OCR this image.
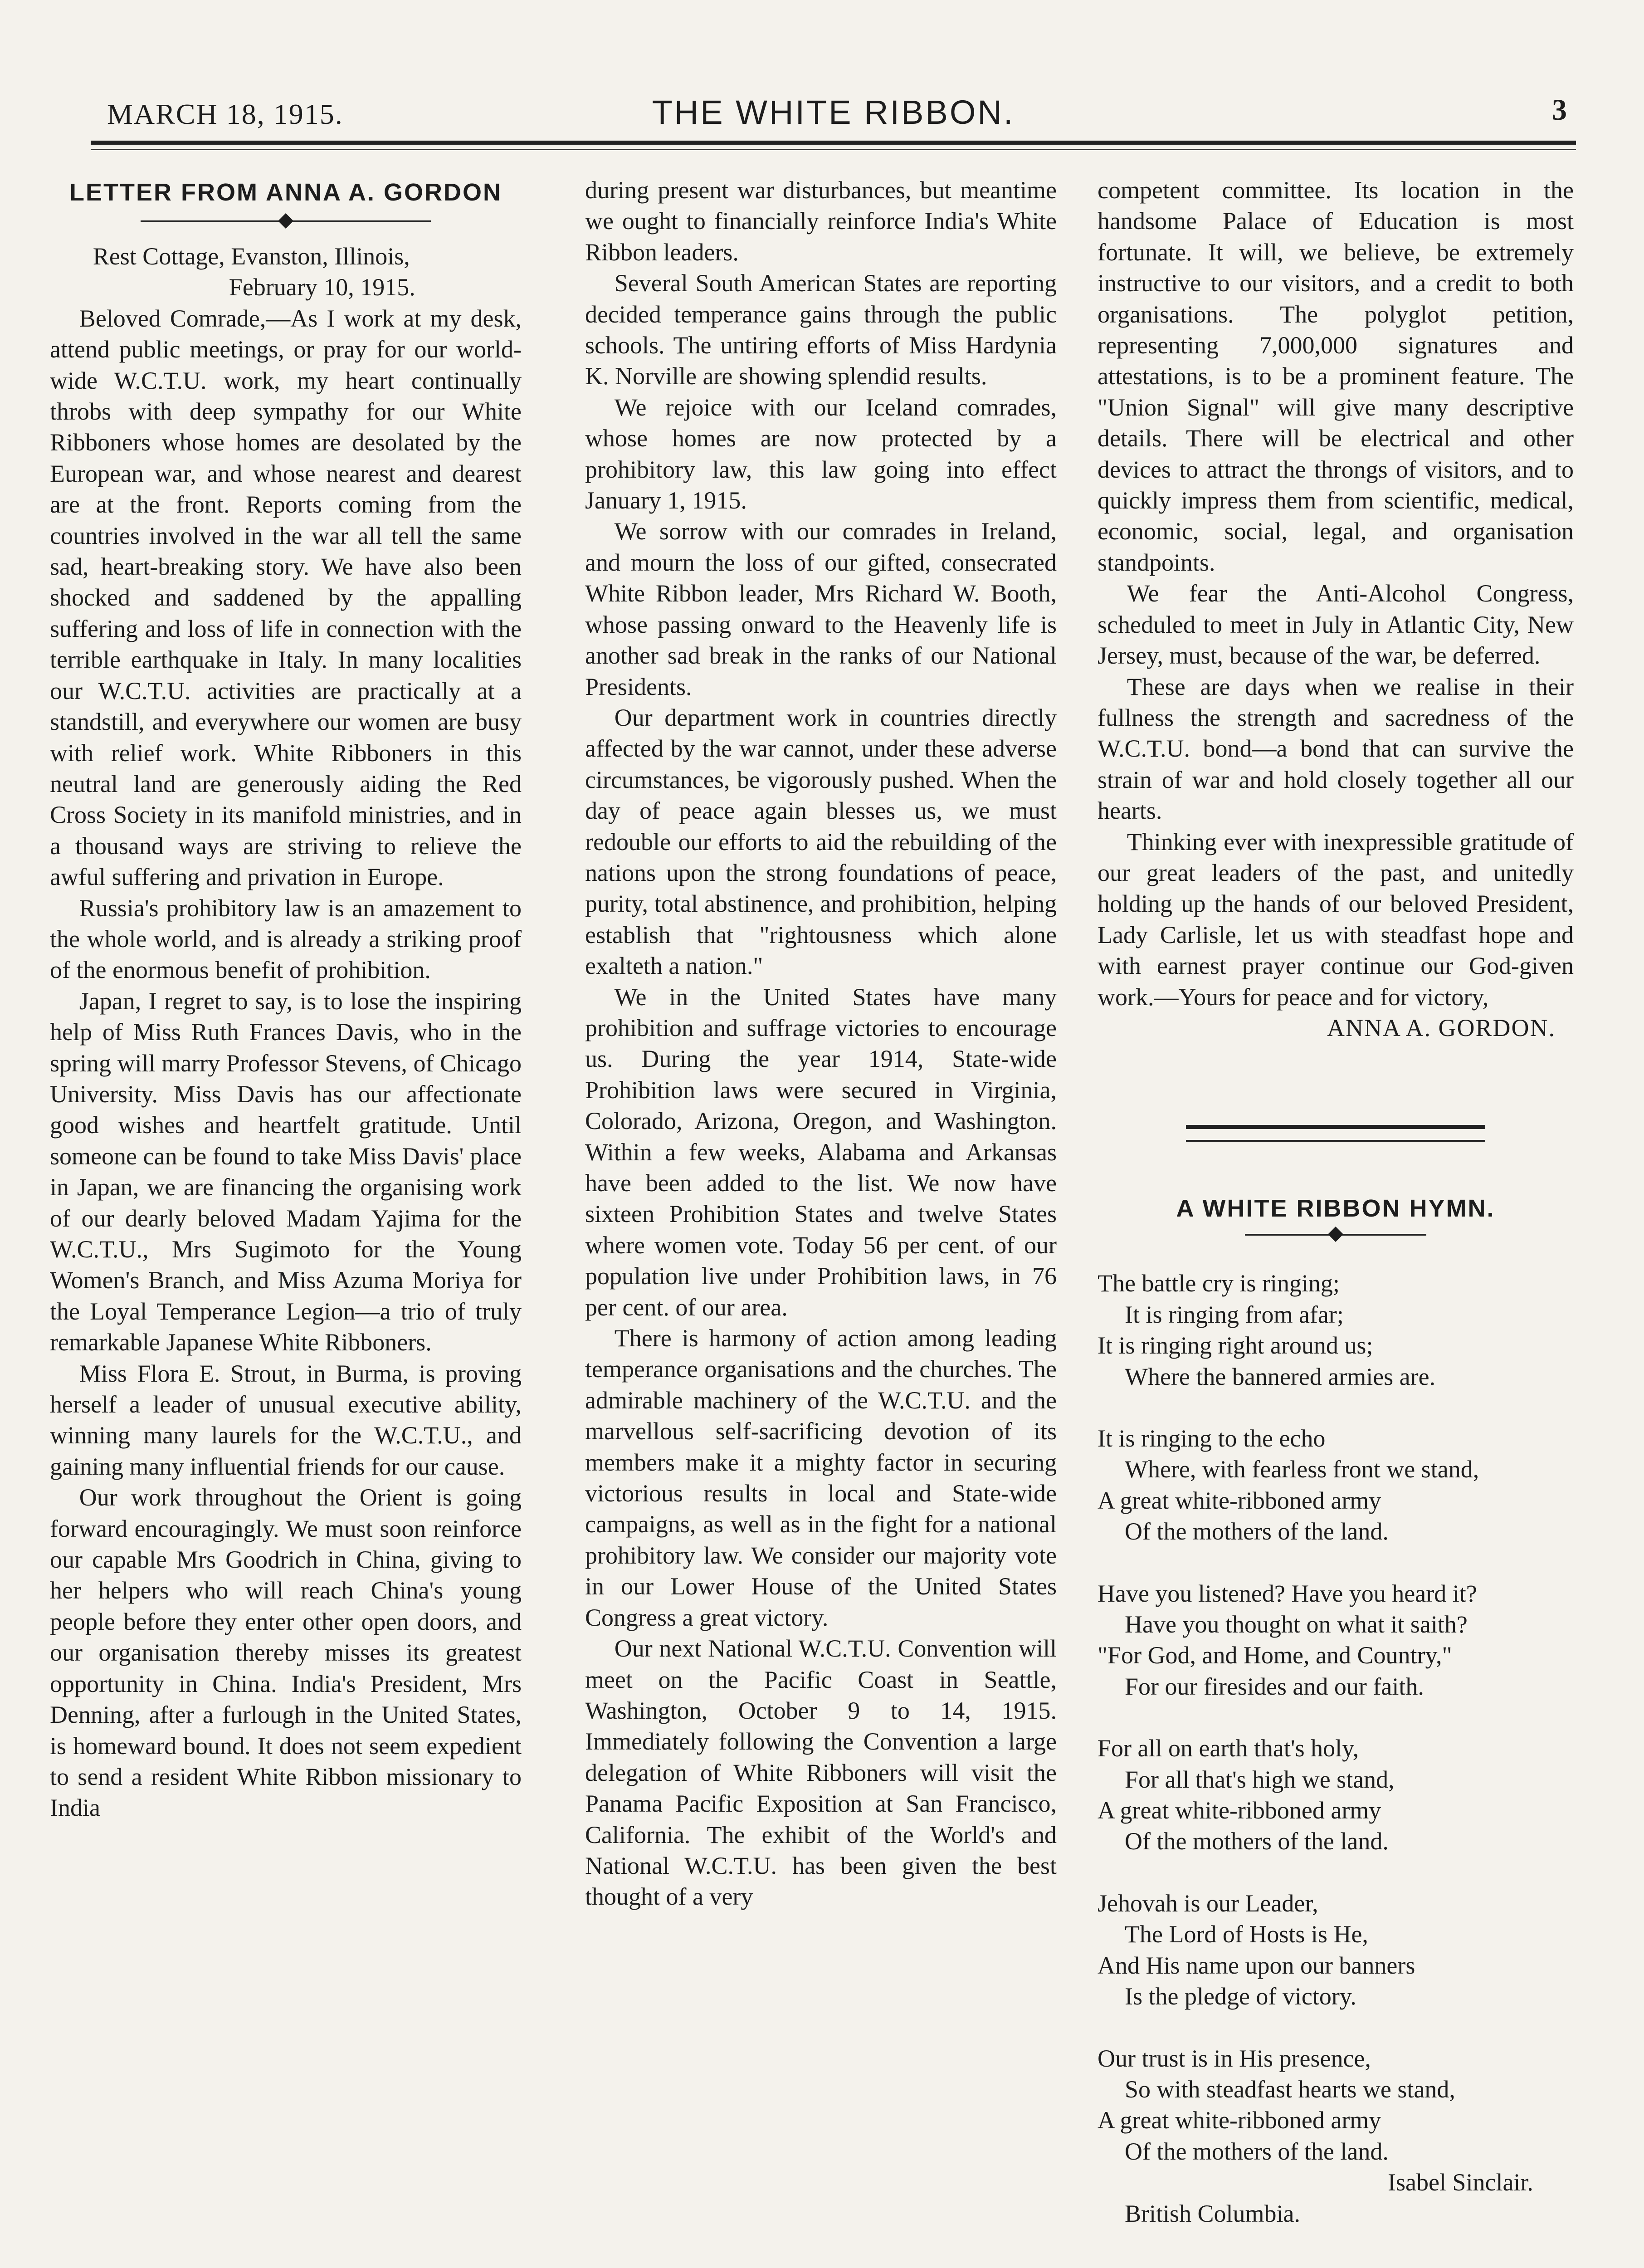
MARCH 18, 1915.	THE WHITE RIBBON.	3
LETTER FROM ANNA A. GORDON

Rest Cottage, Evanston, Illinois,

February 10, 1915.

Beloved Comrade,—As I work at my desk, attend public meetings, or pray for our world-wide W.C.T.U. work, my heart continually throbs with deep sympathy for our White Ribboners whose homes are desolated by the European war, and whose nearest and dearest are at the front. Reports coming from the countries involved in the war all tell the same sad, heart-breaking story. We have also been shocked and saddened by the appalling suffering and loss of life in connection with the terrible earthquake in Italy. In many localities our W.C.T.U. activities are practically at a standstill, and everywhere our women are busy with relief work. White Ribboners in this neutral land are generously aiding the Red Cross Society in its manifold ministries, and in a thousand ways are striving to relieve the awful suffering and privation in Europe.

Russia's prohibitory law is an amazement to the whole world, and is already a striking proof of the enormous benefit of prohibition.

Japan, I regret to say, is to lose the inspiring help of Miss Ruth Frances Davis, who in the spring will marry Professor Stevens, of Chicago University. Miss Davis has our affectionate good wishes and heartfelt gratitude. Until someone can be found to take Miss Davis' place in Japan, we are financing the organising work of our dearly beloved Madam Yajima for the W.C.T.U., Mrs Sugimoto for the Young Women's Branch, and Miss Azuma Moriya for the Loyal Temperance Legion—a trio of truly remarkable Japanese White Ribboners.

Miss Flora E. Strout, in Burma, is proving herself a leader of unusual executive ability, winning many laurels for the W.C.T.U., and gaining many influential friends for our cause.

Our work throughout the Orient is going forward encouragingly. We must soon reinforce our capable Mrs Goodrich in China, giving to her helpers who will reach China's young people before they enter other open doors, and our organisation thereby misses its greatest opportunity in China. India's President, Mrs Denning, after a furlough in the United States, is homeward bound. It does not seem expedient to send a resident White Ribbon missionary to India

during present war disturbances, but meantime we ought to financially reinforce India's White Ribbon leaders.

Several South American States are reporting decided temperance gains through the public schools. The untiring efforts of Miss Hardynia K. Norville are showing splendid results.

We rejoice with our Iceland comrades, whose homes are now protected by a prohibitory law, this law going into effect January 1, 1915.

We sorrow with our comrades in Ireland, and mourn the loss of our gifted, consecrated White Ribbon leader, Mrs Richard W. Booth, whose passing onward to the Heavenly life is another sad break in the ranks of our National Presidents.

Our department work in countries directly affected by the war cannot, under these adverse circumstances, be vigorously pushed. When the day of peace again blesses us, we must redouble our efforts to aid the rebuilding of the nations upon the strong foundations of peace, purity, total abstinence, and prohibition, helping establish that "rightousness which alone exalteth a nation."

We in the United States have many prohibition and suffrage victories to encourage us. During the year 1914, State-wide Prohibition laws were secured in Virginia, Colorado, Arizona, Oregon, and Washington. Within a few weeks, Alabama and Arkansas have been added to the list. We now have sixteen Prohibition States and twelve States where women vote. Today 56 per cent. of our population live under Prohibition laws, in 76 per cent. of our area.

There is harmony of action among leading temperance organisations and the churches. The admirable machinery of the W.C.T.U. and the marvellous self-sacrificing devotion of its members make it a mighty factor in securing victorious results in local and State-wide campaigns, as well as in the fight for a national prohibitory law. We consider our majority vote in our Lower House of the United States Congress a great victory.

Our next National W.C.T.U. Convention will meet on the Pacific Coast in Seattle, Washington, October 9 to 14, 1915. Immediately following the Convention a large delegation of White Ribboners will visit the Panama Pacific Exposition at San Francisco, California. The exhibit of the World's and National W.C.T.U. has been given the best thought of a very

competent committee. Its location in the handsome Palace of Education is most fortunate. It will, we believe, be extremely instructive to our visitors, and a credit to both organisations. The polyglot petition, representing 7,000,000 signatures and attestations, is to be a prominent feature. The "Union Signal" will give many descriptive details. There will be electrical and other devices to attract the throngs of visitors, and to quickly impress them from scientific, medical, economic, social, legal, and organisation standpoints.

We fear the Anti-Alcohol Congress, scheduled to meet in July in Atlantic City, New Jersey, must, because of the war, be deferred.

These are days when we realise in their fullness the strength and sacredness of the W.C.T.U. bond—a bond that can survive the strain of war and hold closely together all our hearts.

Thinking ever with inexpressible gratitude of our great leaders of the past, and unitedly holding up the hands of our beloved President, Lady Carlisle, let us with steadfast hope and with earnest prayer continue our God-given work.—Yours for peace and for victory,

ANNA A. GORDON.

A WHITE RIBBON HYMN.
The battle cry is ringing;
It is ringing from afar;
It is ringing right around us;
Where the bannered armies are.
It is ringing to the echo
Where, with fearless front we stand,
A great white-ribboned army
Of the mothers of the land.
Have you listened? Have you heard it?
Have you thought on what it saith?
"For God, and Home, and Country,"
For our firesides and our faith.
For all on earth that's holy,
For all that's high we stand,
A great white-ribboned army
Of the mothers of the land.
Jehovah is our Leader,
The Lord of Hosts is He,
And His name upon our banners
Is the pledge of victory.
Our trust is in His presence,
So with steadfast hearts we stand,
A great white-ribboned army
Of the mothers of the land.
Isabel Sinclair.
British Columbia.
